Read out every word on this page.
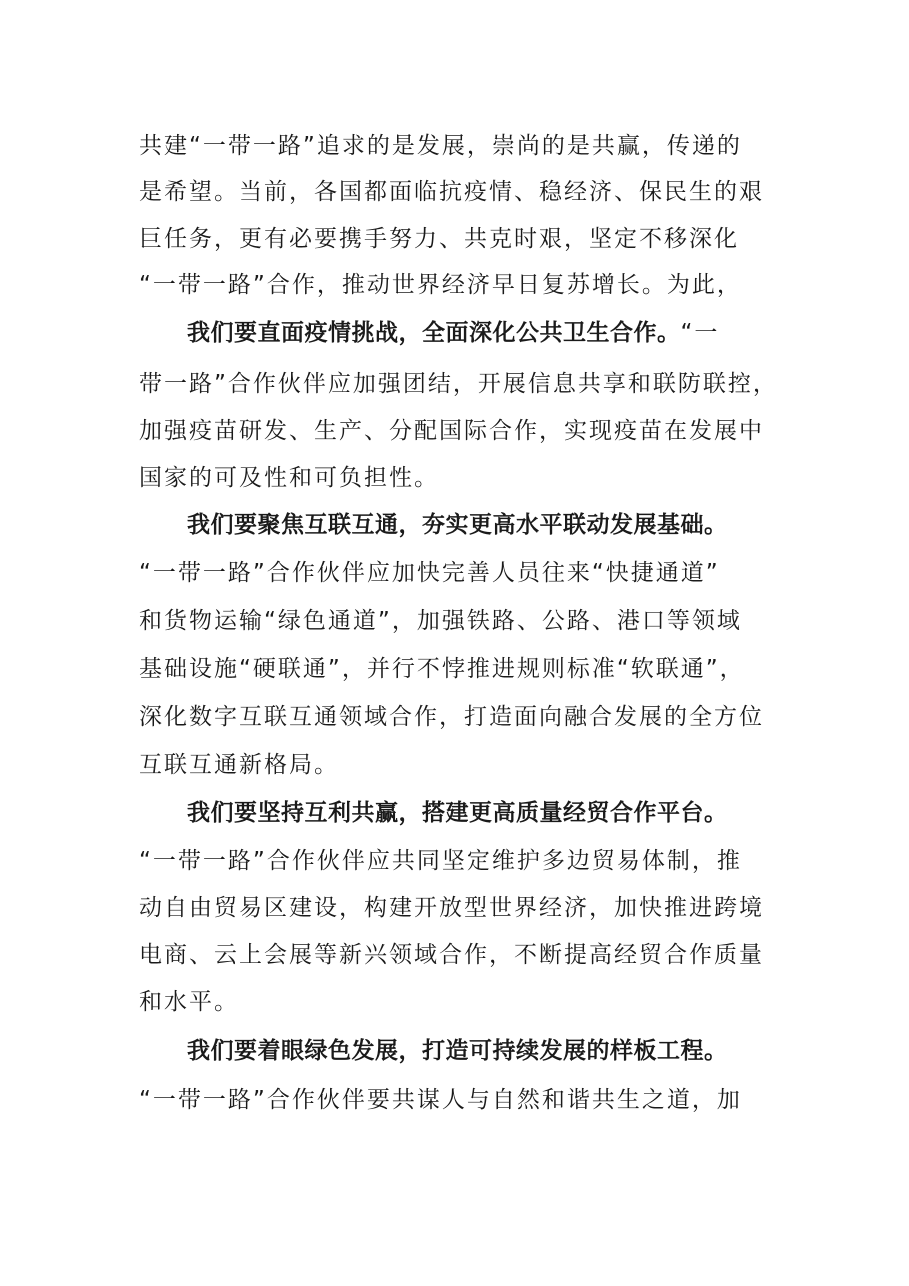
共建“一带一路”追求的是发展，崇尚的是共赢，传递的
是希望。当前，各国都面临抗疫情、稳经济、保民生的艰
巨任务，更有必要携手努力、共克时艰，坚定不移深化
“一带一路”合作，推动世界经济早日复苏增长。为此，
我们要直面疫情挑战，全面深化公共卫生合作。“一
带一路”合作伙伴应加强团结，开展信息共享和联防联控，
加强疫苗研发、生产、分配国际合作，实现疫苗在发展中
国家的可及性和可负担性。
我们要聚焦互联互通，夯实更高水平联动发展基础。
“一带一路”合作伙伴应加快完善人员往来“快捷通道”
和货物运输“绿色通道”，加强铁路、公路、港口等领域
基础设施“硬联通”，并行不悖推进规则标准“软联通”，
深化数字互联互通领域合作，打造面向融合发展的全方位
互联互通新格局。
我们要坚持互利共赢，搭建更高质量经贸合作平台。
“一带一路”合作伙伴应共同坚定维护多边贸易体制，推
动自由贸易区建设，构建开放型世界经济，加快推进跨境
电商、云上会展等新兴领域合作，不断提高经贸合作质量
和水平。
我们要着眼绿色发展，打造可持续发展的样板工程。
“一带一路”合作伙伴要共谋人与自然和谐共生之道，加
